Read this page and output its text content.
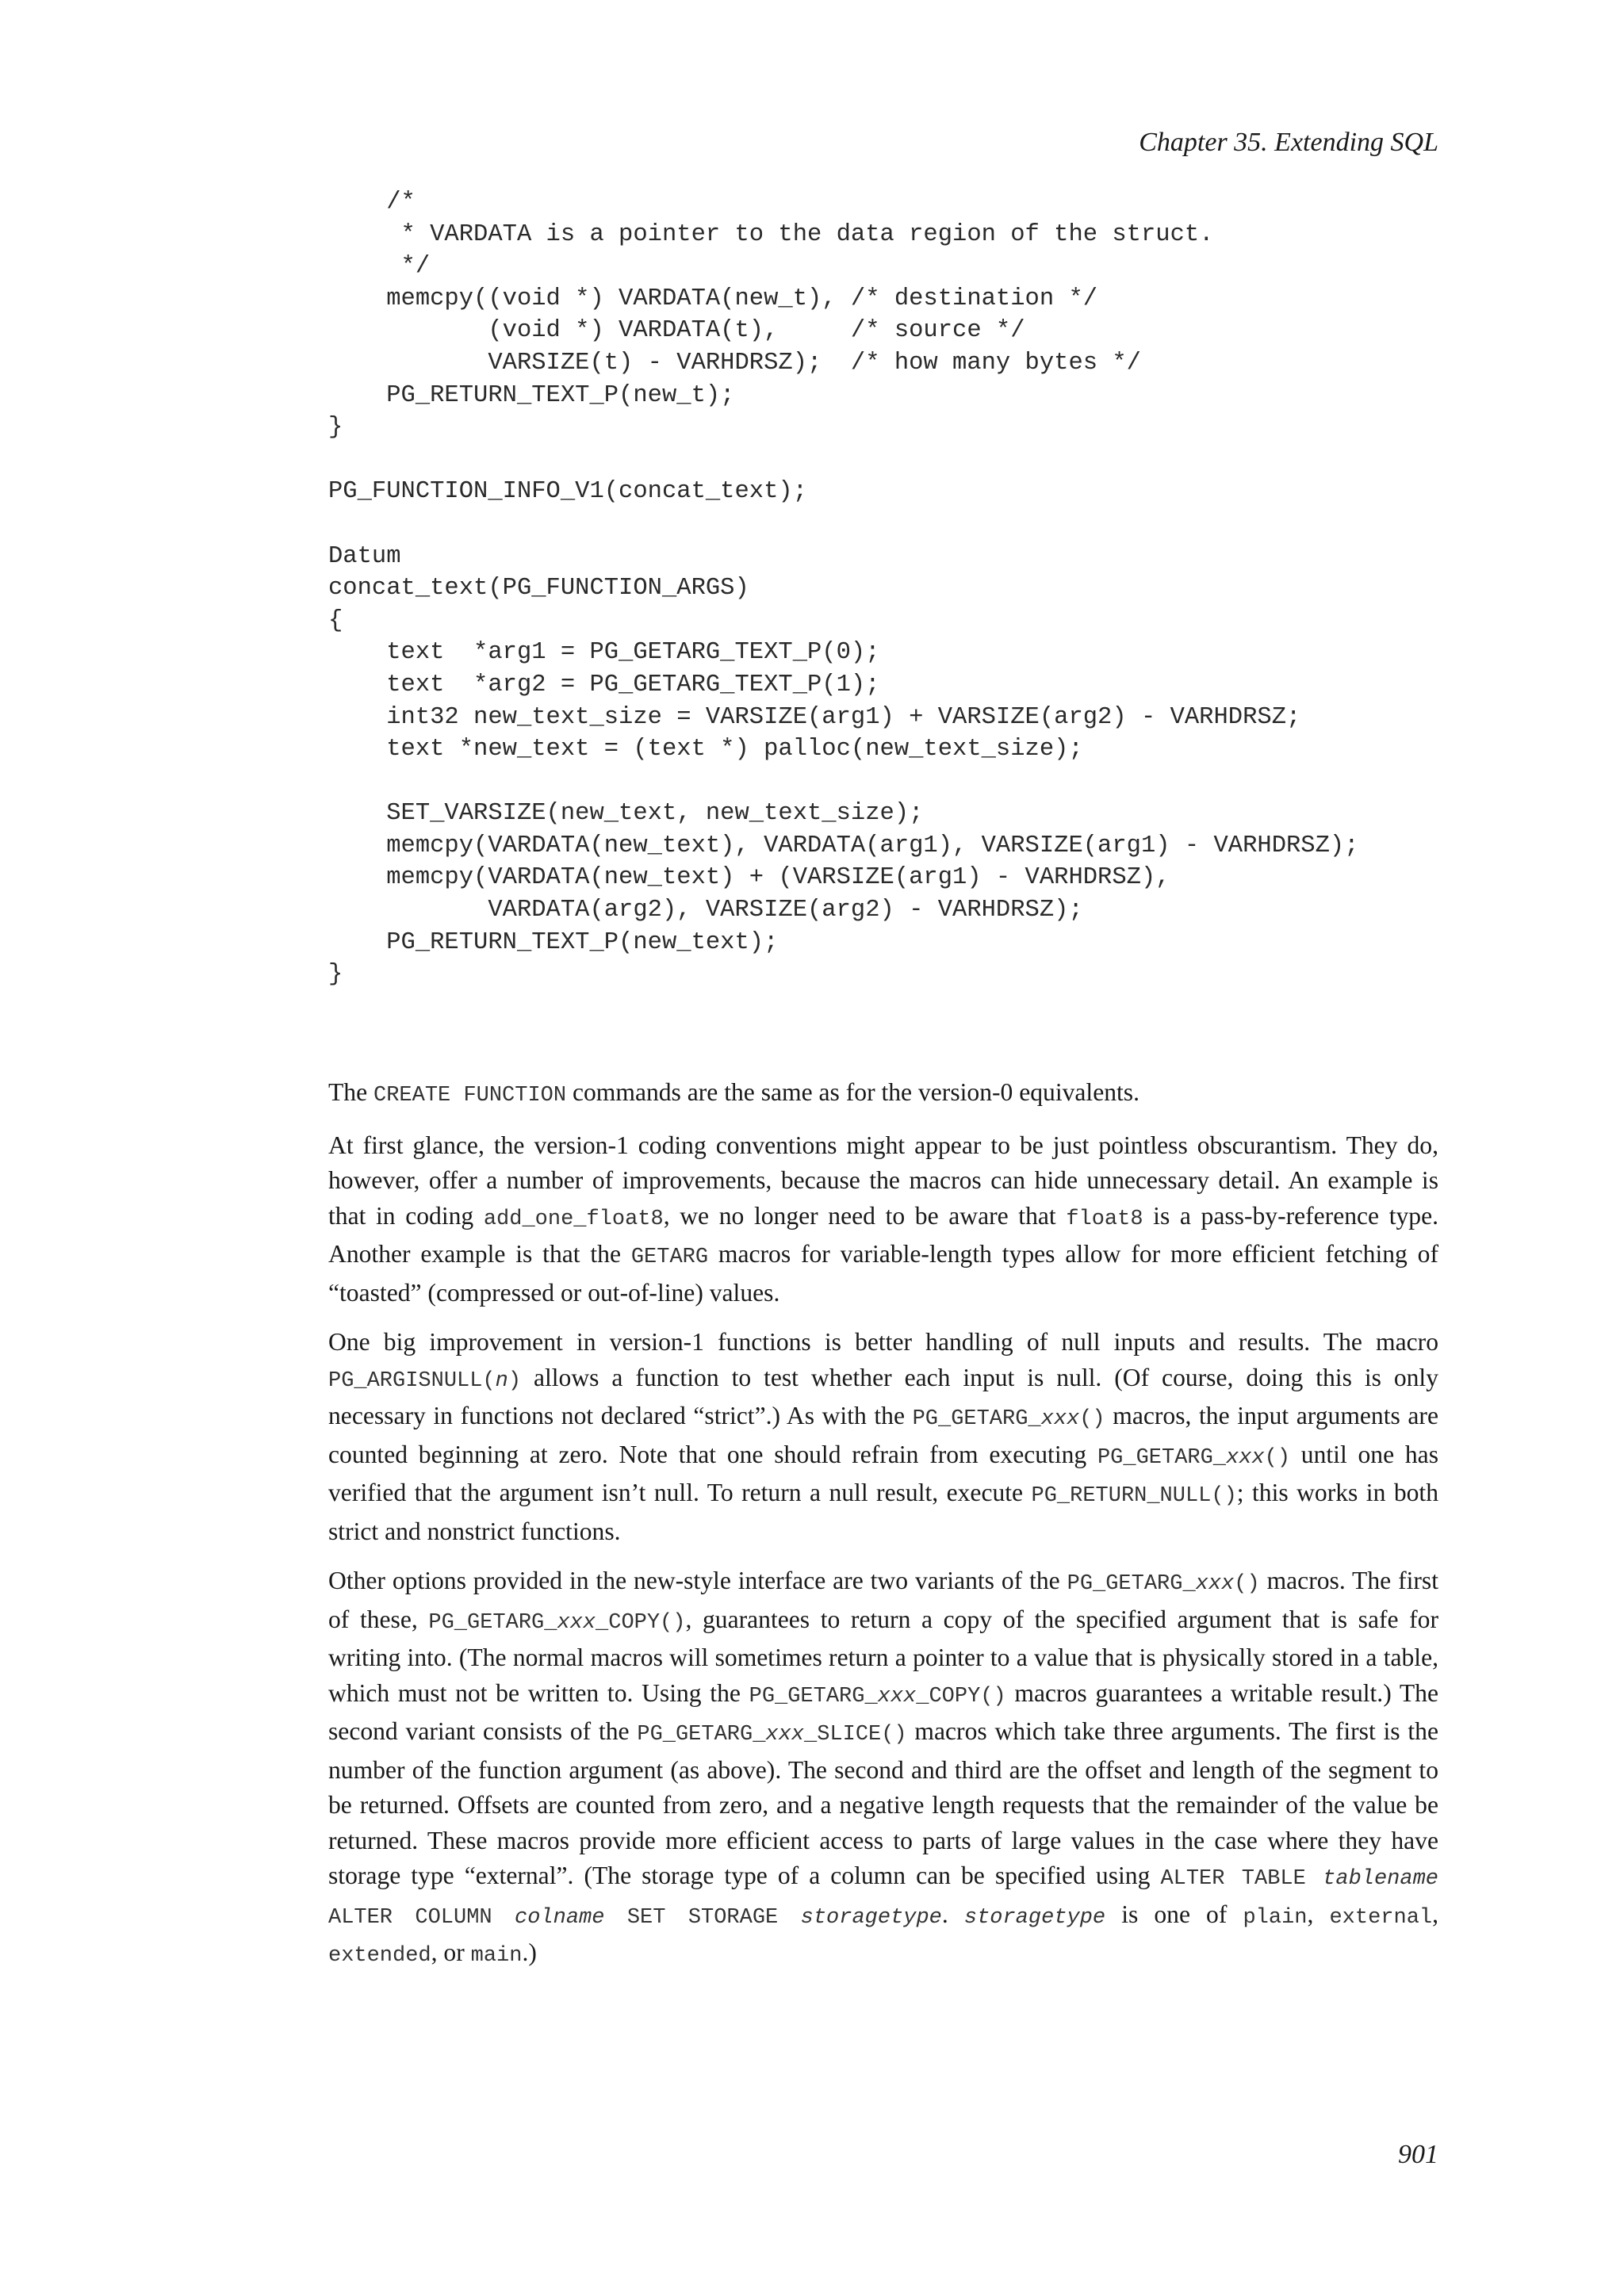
Chapter 35. Extending SQL
/*
* VARDATA is a pointer to the data region of the struct.
*/
memcpy((void *) VARDATA(new_t), /* destination */
(void *) VARDATA(t),     /* source */
VARSIZE(t) - VARHDRSZ);  /* how many bytes */
PG_RETURN_TEXT_P(new_t);
}
PG_FUNCTION_INFO_V1(concat_text);
Datum
concat_text(PG_FUNCTION_ARGS)
{
text  *arg1 = PG_GETARG_TEXT_P(0);
text  *arg2 = PG_GETARG_TEXT_P(1);
int32 new_text_size = VARSIZE(arg1) + VARSIZE(arg2) - VARHDRSZ;
text *new_text = (text *) palloc(new_text_size);
SET_VARSIZE(new_text, new_text_size);
memcpy(VARDATA(new_text), VARDATA(arg1), VARSIZE(arg1) - VARHDRSZ);
memcpy(VARDATA(new_text) + (VARSIZE(arg1) - VARHDRSZ),
VARDATA(arg2), VARSIZE(arg2) - VARHDRSZ);
PG_RETURN_TEXT_P(new_text);
}

The CREATE FUNCTION commands are the same as for the version-0 equivalents.

At first glance, the version-1 coding conventions might appear to be just pointless obscurantism. They do, however, offer a number of improvements, because the macros can hide unnecessary detail. An example is that in coding add_one_float8, we no longer need to be aware that float8 is a pass-by-reference type. Another example is that the GETARG macros for variable-length types allow for more efficient fetching of “toasted” (compressed or out-of-line) values.

One big improvement in version-1 functions is better handling of null inputs and results. The macro PG_ARGISNULL(n) allows a function to test whether each input is null. (Of course, doing this is only necessary in functions not declared “strict”.) As with the PG_GETARG_xxx() macros, the input arguments are counted beginning at zero. Note that one should refrain from executing PG_GETARG_xxx() until one has verified that the argument isn’t null. To return a null result, execute PG_RETURN_NULL(); this works in both strict and nonstrict functions.

Other options provided in the new-style interface are two variants of the PG_GETARG_xxx() macros. The first of these, PG_GETARG_xxx_COPY(), guarantees to return a copy of the specified argument that is safe for writing into. (The normal macros will sometimes return a pointer to a value that is physically stored in a table, which must not be written to. Using the PG_GETARG_xxx_COPY() macros guarantees a writable result.) The second variant consists of the PG_GETARG_xxx_SLICE() macros which take three arguments. The first is the number of the function argument (as above). The second and third are the offset and length of the segment to be returned. Offsets are counted from zero, and a negative length requests that the remainder of the value be returned. These macros provide more efficient access to parts of large values in the case where they have storage type “external”. (The storage type of a column can be specified using ALTER TABLE tablename ALTER COLUMN colname SET STORAGE storagetype. storagetype is one of plain, external, extended, or main.)

901
